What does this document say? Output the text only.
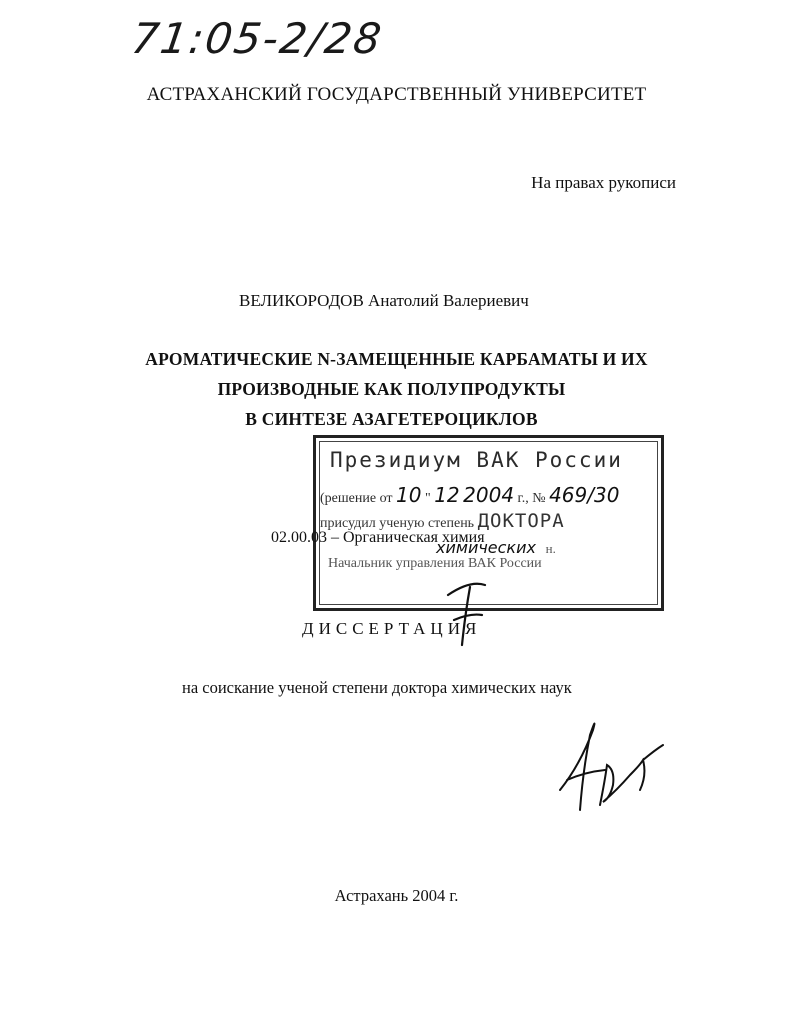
71:05-2/28
АСТРАХАНСКИЙ ГОСУДАРСТВЕННЫЙ УНИВЕРСИТЕТ
На правах рукописи
ВЕЛИКОРОДОВ Анатолий Валериевич
АРОМАТИЧЕСКИЕ N-ЗАМЕЩЕННЫЕ КАРБАМАТЫ И ИХ
ПРОИЗВОДНЫЕ КАК ПОЛУПРОДУКТЫ
В СИНТЕЗЕ АЗАГЕТЕРОЦИКЛОВ
Президиум ВАК России
(решение от 10 " 12 2004 г., № 469/30
присудил ученую степень ДОКТОРА
химических н.
Начальник управления ВАК России
02.00.03 – Органическая химия
ДИССЕРТАЦИЯ
на соискание ученой степени доктора химических наук
Астрахань 2004 г.
